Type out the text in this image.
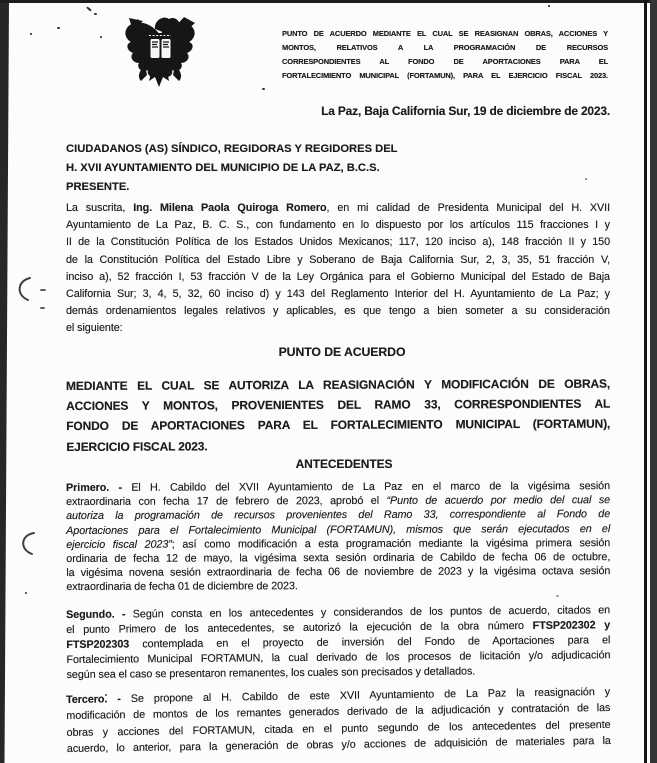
PUNTO DE ACUERDO MEDIANTE EL CUAL SE REASIGNAN OBRAS, ACCIONES Y
MONTOS, RELATIVOS A LA PROGRAMACIÓN DE RECURSOS
CORRESPONDIENTES AL FONDO DE APORTACIONES PARA EL
FORTALECIMIENTO MUNICIPAL (FORTAMUN), PARA EL EJERCICIO FISCAL 2023.
La Paz, Baja California Sur, 19 de diciembre de 2023.
CIUDADANOS (AS) SÍNDICO, REGIDORAS Y REGIDORES DEL
H. XVII AYUNTAMIENTO DEL MUNICIPIO DE LA PAZ, B.C.S.
PRESENTE.
La suscrita, Ing. Milena Paola Quiroga Romero, en mi calidad de Presidenta Municipal del H. XVII
Ayuntamiento de La Paz, B. C. S., con fundamento en lo dispuesto por los artículos 115 fracciones I y
II de la Constitución Política de los Estados Unidos Mexicanos; 117, 120 inciso a), 148 fracción II y 150
de la Constitución Política del Estado Libre y Soberano de Baja California Sur, 2, 3, 35, 51 fracción V,
inciso a), 52 fracción I, 53 fracción V de la Ley Orgánica para el Gobierno Municipal del Estado de Baja
California Sur; 3, 4, 5, 32, 60 inciso d) y 143 del Reglamento Interior del H. Ayuntamiento de La Paz; y
demás ordenamientos legales relativos y aplicables, es que tengo a bien someter a su consideración
el siguiente:
PUNTO DE ACUERDO
MEDIANTE EL CUAL SE AUTORIZA LA REASIGNACIÓN Y MODIFICACIÓN DE OBRAS,
ACCIONES Y MONTOS, PROVENIENTES DEL RAMO 33, CORRESPONDIENTES AL
FONDO DE APORTACIONES PARA EL FORTALECIMIENTO MUNICIPAL (FORTAMUN),
EJERCICIO FISCAL 2023.
ANTECEDENTES
Primero. - El H. Cabildo del XVII Ayuntamiento de La Paz en el marco de la vigésima sesión
extraordinaria con fecha 17 de febrero de 2023, aprobó el “Punto de acuerdo por medio del cual se
autoriza la programación de recursos provenientes del Ramo 33, correspondiente al Fondo de
Aportaciones para el Fortalecimiento Municipal (FORTAMUN), mismos que serán ejecutados en el
ejercicio fiscal 2023”; así como modificación a esta programación mediante la vigésima primera sesión
ordinaria de fecha 12 de mayo, la vigésima sexta sesión ordinaria de Cabildo de fecha 06 de octubre,
la vigésima novena sesión extraordinaria de fecha 06 de noviembre de 2023 y la vigésima octava sesión
extraordinaria de fecha 01 de diciembre de 2023.
Segundo. - Según consta en los antecedentes y considerandos de los puntos de acuerdo, citados en
el punto Primero de los antecedentes, se autorizó la ejecución de la obra número FTSP202302 y
FTSP202303 contemplada en el proyecto de inversión del Fondo de Aportaciones para el
Fortalecimiento Municipal FORTAMUN, la cual derivado de los procesos de licitación y/o adjudicación
según sea el caso se presentaron remanentes, los cuales son precisados y detallados.
Tercero. - Se propone al H. Cabildo de este XVII Ayuntamiento de La Paz la reasignación y
modificación de montos de los remantes generados derivado de la adjudicación y contratación de las
obras y acciones del FORTAMUN, citada en el punto segundo de los antecedentes del presente
acuerdo, lo anterior, para la generación de obras y/o acciones de adquisición de materiales para la
